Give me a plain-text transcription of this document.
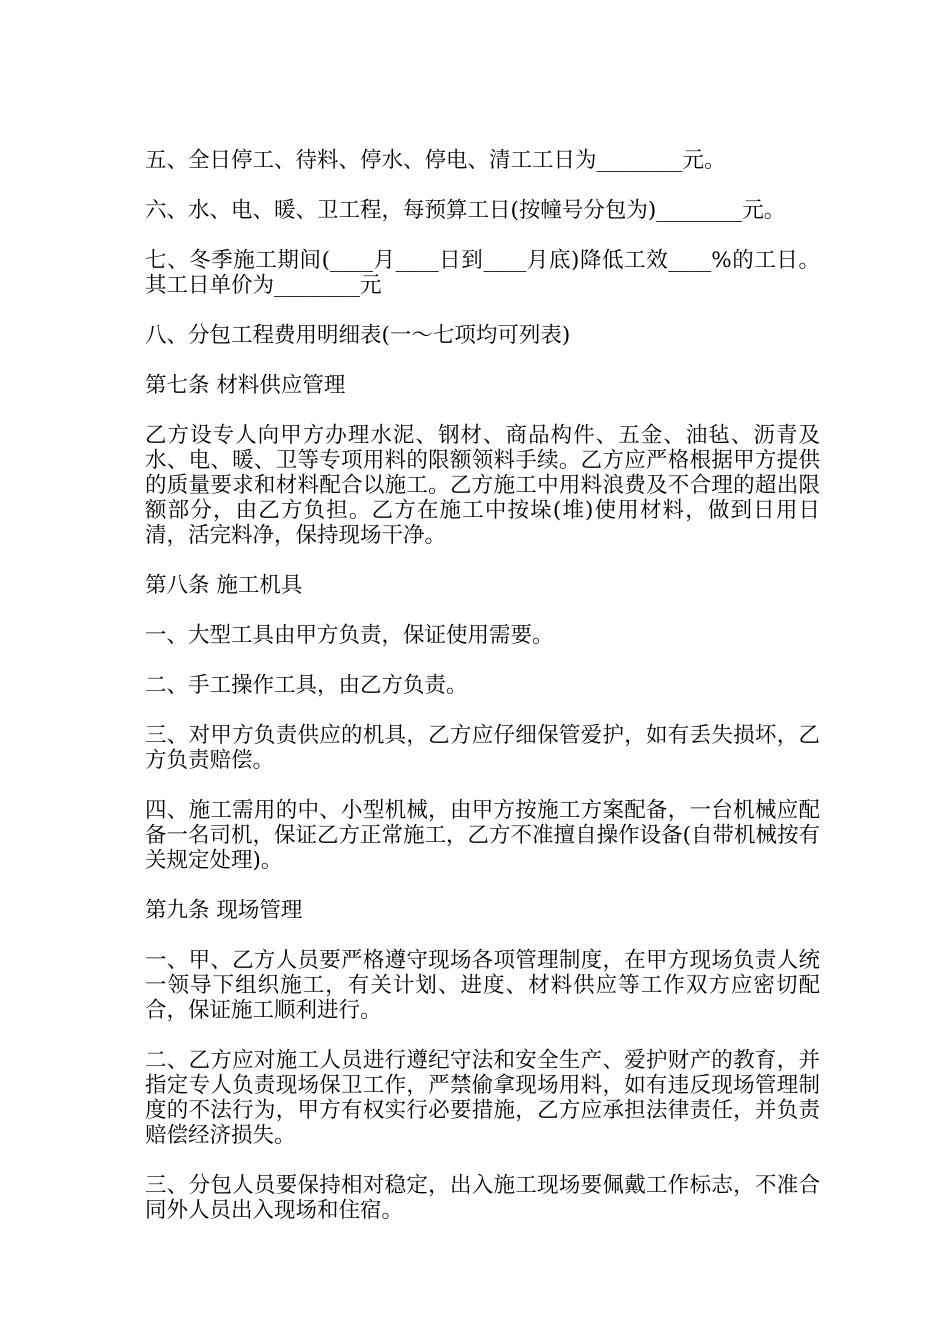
五、全日停工、待料、停水、停电、清工工日为________元。

六、水、电、暖、卫工程，每预算工日(按幢号分包为)________元。

七、冬季施工期间(____月____日到____月底)降低工效____%的工日。其工日单价为________元

八、分包工程费用明细表(一～七项均可列表)

第七条 材料供应管理

乙方设专人向甲方办理水泥、钢材、商品构件、五金、油毡、沥青及水、电、暖、卫等专项用料的限额领料手续。乙方应严格根据甲方提供的质量要求和材料配合以施工。乙方施工中用料浪费及不合理的超出限额部分，由乙方负担。乙方在施工中按垛(堆)使用材料，做到日用日清，活完料净，保持现场干净。

第八条 施工机具

一、大型工具由甲方负责，保证使用需要。

二、手工操作工具，由乙方负责。

三、对甲方负责供应的机具，乙方应仔细保管爱护，如有丢失损坏，乙方负责赔偿。

四、施工需用的中、小型机械，由甲方按施工方案配备，一台机械应配备一名司机，保证乙方正常施工，乙方不准擅自操作设备(自带机械按有关规定处理)。

第九条 现场管理

一、甲、乙方人员要严格遵守现场各项管理制度，在甲方现场负责人统一领导下组织施工，有关计划、进度、材料供应等工作双方应密切配合，保证施工顺利进行。

二、乙方应对施工人员进行遵纪守法和安全生产、爱护财产的教育，并指定专人负责现场保卫工作，严禁偷拿现场用料，如有违反现场管理制度的不法行为，甲方有权实行必要措施，乙方应承担法律责任，并负责赔偿经济损失。

三、分包人员要保持相对稳定，出入施工现场要佩戴工作标志，不准合同外人员出入现场和住宿。
